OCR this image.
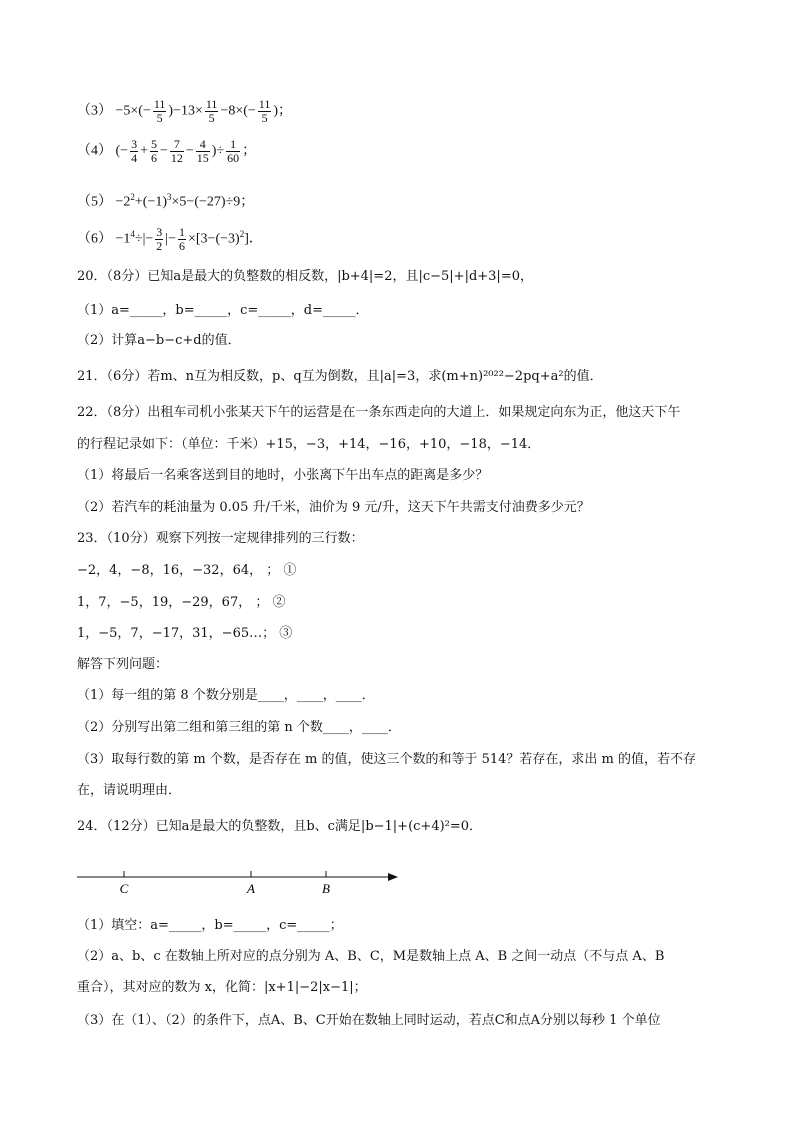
$(3) -5\times(- \frac{11}{5} )-13\times \frac{11}{5} -8\times(- \frac{11}{5}$ )；
（4） (− $\frac{3}{4} + \frac{5}{6} - \frac{7}{12} - \frac{4}{15}$ )÷ $\frac{1}{60}$ ；
$(5) -2^2+(-1)^3\times 5-(-27)\div 9$；
$(6) -1^4\div|- \frac{3}{2}$ |− $\frac{1}{6} \times[3-(-3)^2]$．
20．（8分）已知a是最大的负整数的相反数，|b+4|=2，且|c−5|+|d+3|=0，
（1）a=_____，b=_____，c=_____，d=_____．
（2）计算a−b−c+d的值．
21．（6分）若m、n互为相反数，p、q互为倒数，且|a|=3，求(m+n)²⁰²²−2pq+a²的值．
22．（8分）出租车司机小张某天下午的运营是在一条东西走向的大道上．如果规定向东为正，他这天下午
的行程记录如下：（单位：千米）+15，−3，+14，−16，+10，−18，−14．
（1）将最后一名乘客送到目的地时，小张离下午出车点的距离是多少？
（2）若汽车的耗油量为 0.05 升/千米，油价为 9 元/升，这天下午共需支付油费多少元？
23．（10分）观察下列按一定规律排列的三行数：
−2，4，−8，16，−32，64， ； ①
1，7，−5，19，−29，67， ； ②
1，−5，7，−17，31，−65…； ③
解答下列问题：
（1）每一组的第 8 个数分别是____，____，____．
（2）分别写出第二组和第三组的第 n 个数____，____．
（3）取每行数的第 m 个数，是否存在 m 的值，使这三个数的和等于 514？若存在，求出 m 的值，若不存
在，请说明理由．
24．（12分）已知a是最大的负整数，且b、c满足|b−1|+(c+4)²=0．
C	A	B
（1）填空：a=_____，b=_____，c=_____；
（2）a、b、c 在数轴上所对应的点分别为 A、B、C，M是数轴上点 A、B 之间一动点（不与点 A、B
重合），其对应的数为 x，化简：|x+1|−2|x−1|；
（3）在（1）、（2）的条件下，点A、B、C开始在数轴上同时运动，若点C和点A分别以每秒 1 个单位
